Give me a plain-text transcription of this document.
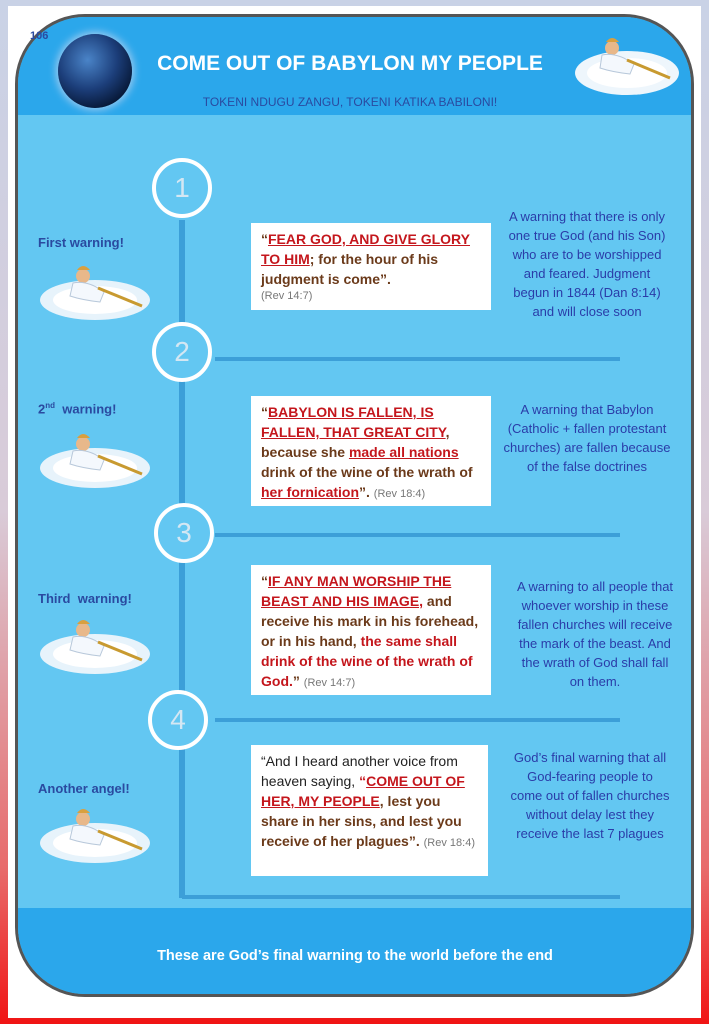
106
COME OUT OF BABYLON MY PEOPLE
TOKENI NDUGU ZANGU, TOKENI KATIKA BABILONI!
1
2
3
4
First warning!
2nd  warning!
Third  warning!
Another angel!
“FEAR GOD, AND GIVE GLORY TO HIM; for the hour of his judgment is come”.
(Rev 14:7)
“BABYLON IS FALLEN, IS FALLEN, THAT GREAT CITY, because she made all nations drink of the wine of the wrath of her fornication”. (Rev 18:4)
“IF ANY MAN WORSHIP THE BEAST AND HIS IMAGE, and receive his mark in his forehead, or in his hand, the same shall drink of the wine of the wrath of God.” (Rev 14:7)
“And I heard another voice from heaven saying, “COME OUT OF HER, MY PEOPLE, lest you share in her sins, and lest you receive of her plagues”. (Rev 18:4)
A warning that there is only one true God (and his Son) who are to be worshipped and feared. Judgment begun in 1844 (Dan 8:14) and will close soon
A warning that Babylon (Catholic + fallen protestant churches) are fallen because of the false doctrines
A warning to all people that whoever worship in these fallen churches will receive the mark of the beast. And the wrath of God shall fall on them.
God’s final warning that all God-fearing people to come out of fallen churches without delay lest they receive the last 7 plagues
These are God’s final warning to the world before the end
